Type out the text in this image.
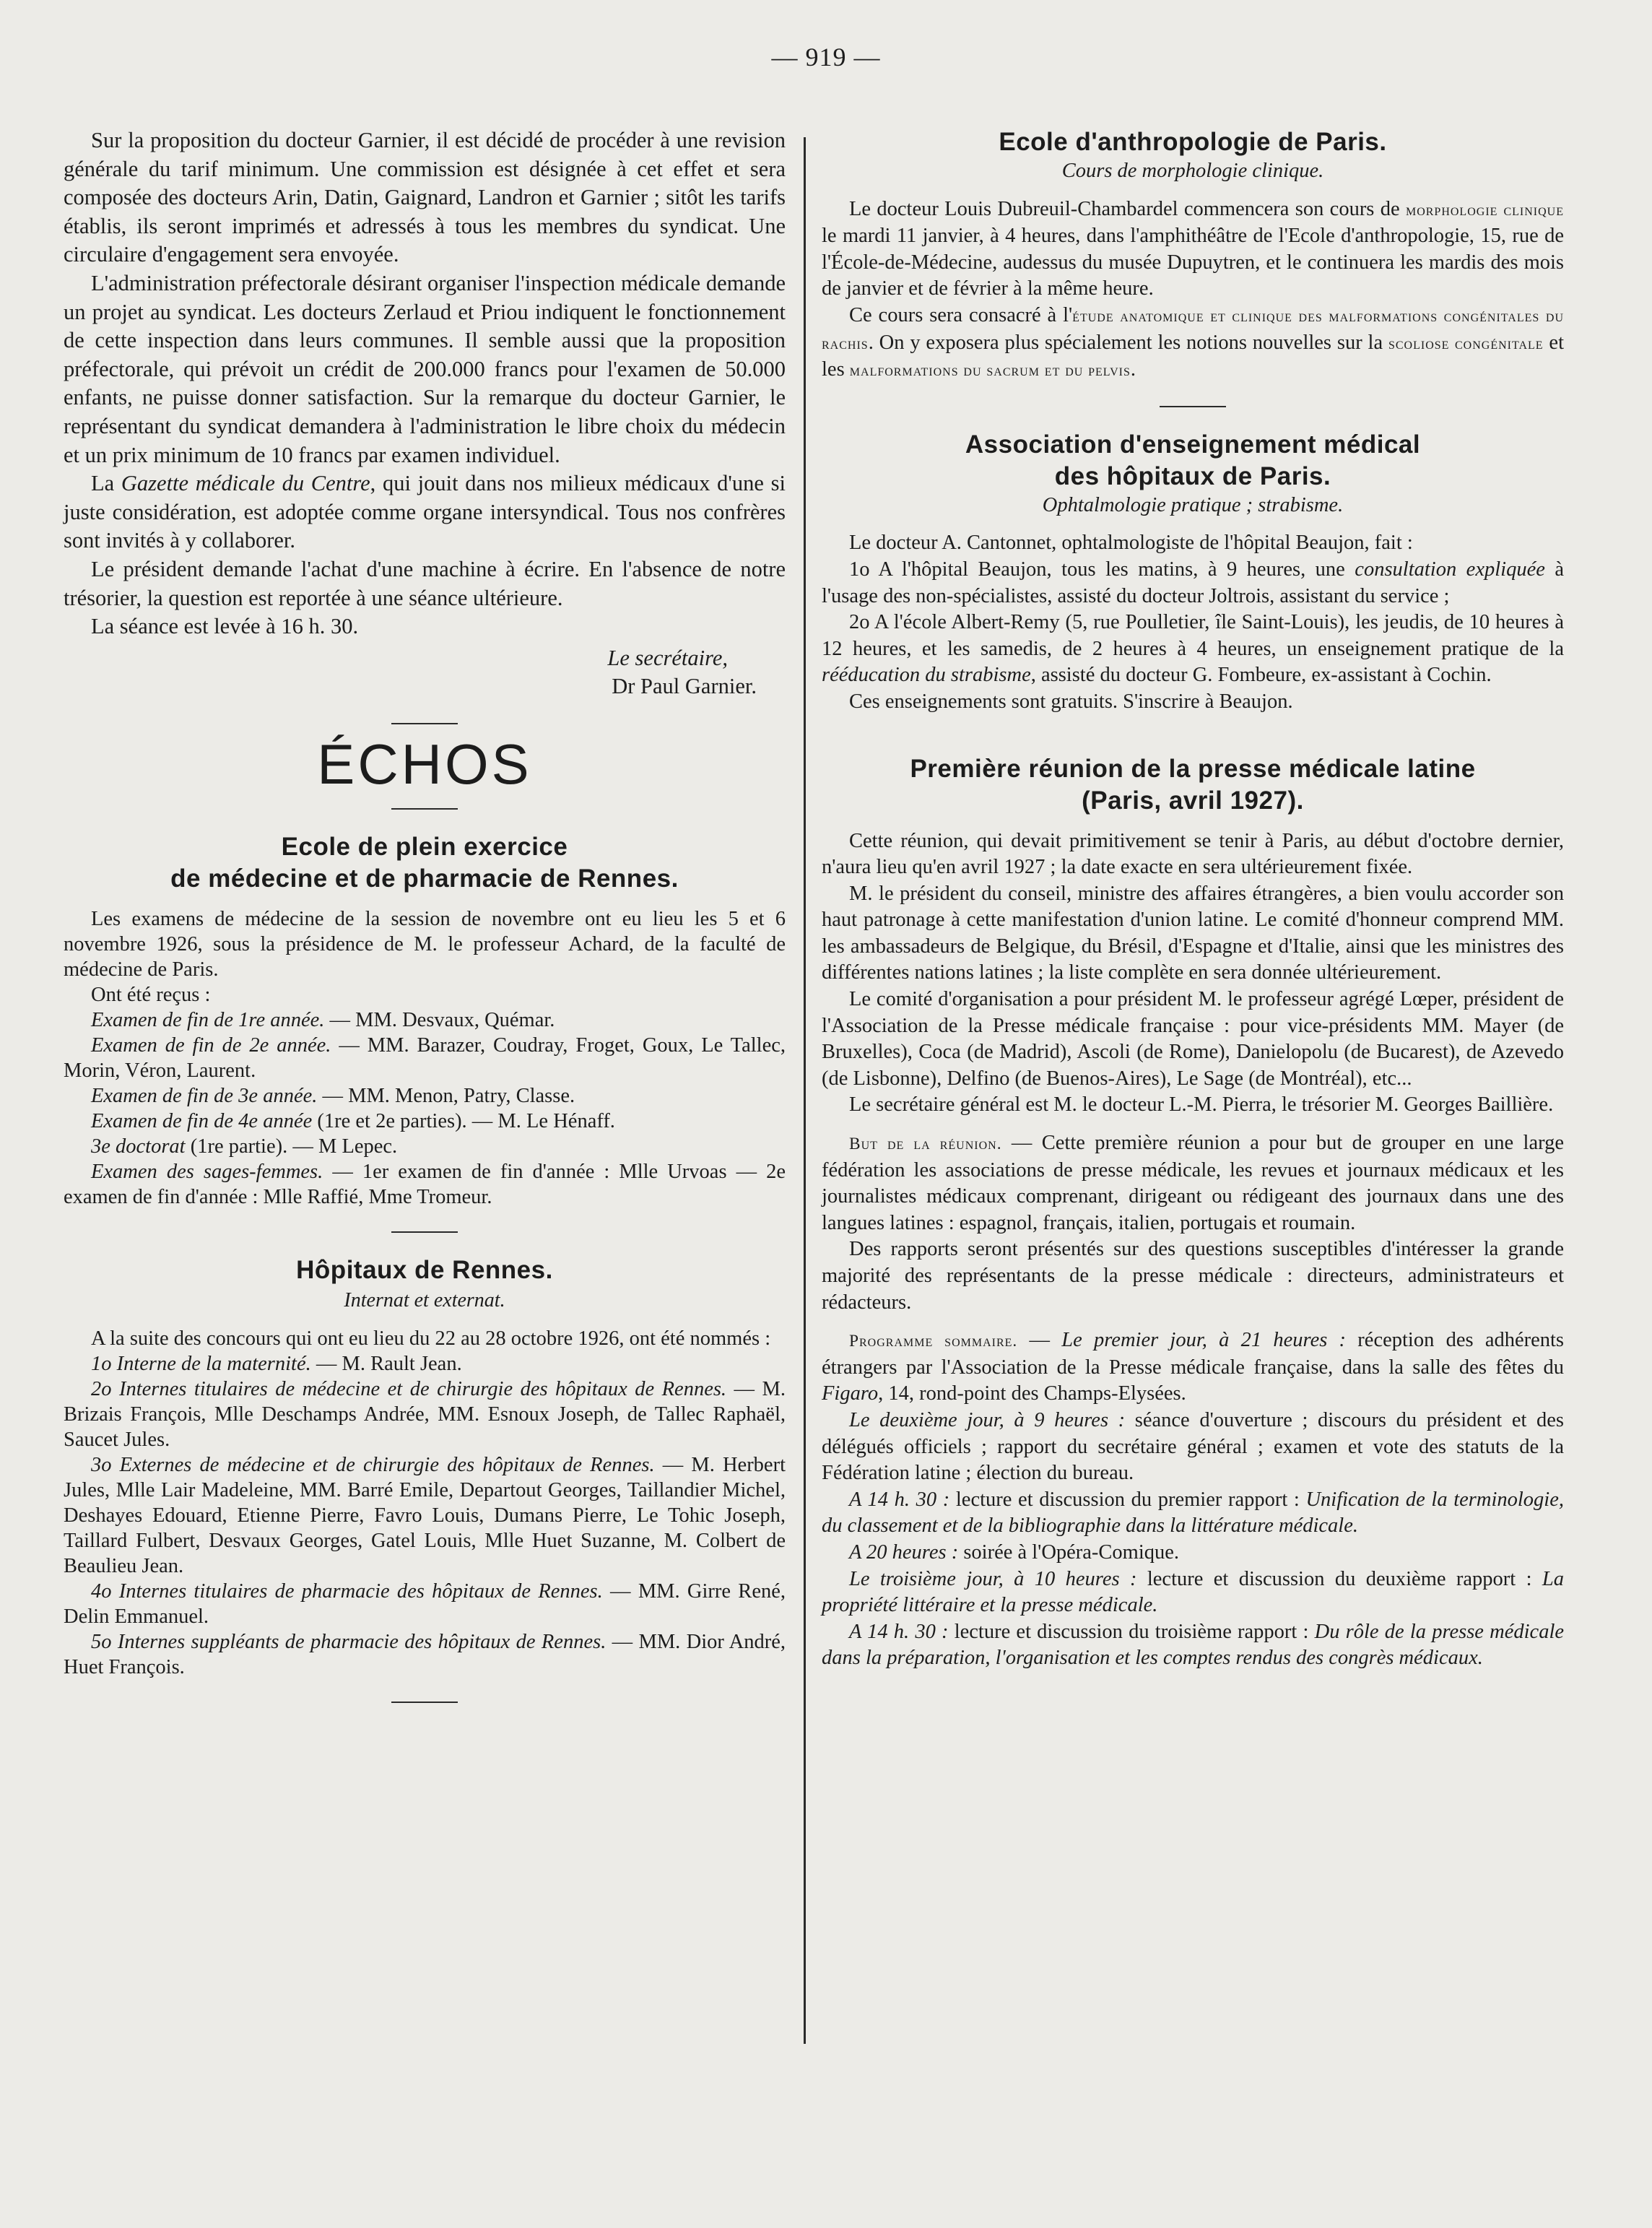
— 919 —

Sur la proposition du docteur Garnier, il est décidé de procéder à une revision générale du tarif minimum. Une commission est désignée à cet effet et sera composée des docteurs Arin, Datin, Gaignard, Landron et Garnier ; sitôt les tarifs établis, ils seront imprimés et adressés à tous les membres du syndicat. Une circulaire d'engagement sera envoyée.

L'administration préfectorale désirant organiser l'inspection médicale demande un projet au syndicat. Les docteurs Zerlaud et Priou indiquent le fonctionnement de cette inspection dans leurs communes. Il semble aussi que la proposition préfectorale, qui prévoit un crédit de 200.000 francs pour l'examen de 50.000 enfants, ne puisse donner satisfaction. Sur la remarque du docteur Garnier, le représentant du syndicat demandera à l'administration le libre choix du médecin et un prix minimum de 10 francs par examen individuel.

La Gazette médicale du Centre, qui jouit dans nos milieux médicaux d'une si juste considération, est adoptée comme organe intersyndical. Tous nos confrères sont invités à y collaborer.

Le président demande l'achat d'une machine à écrire. En l'absence de notre trésorier, la question est reportée à une séance ultérieure.

La séance est levée à 16 h. 30.

Le secrétaire,

Dr Paul Garnier.

ÉCHOS
Ecole de plein exercice
de médecine et de pharmacie de Rennes.

Les examens de médecine de la session de novembre ont eu lieu les 5 et 6 novembre 1926, sous la présidence de M. le professeur Achard, de la faculté de médecine de Paris.

Ont été reçus :

Examen de fin de 1re année. — MM. Desvaux, Quémar.

Examen de fin de 2e année. — MM. Barazer, Coudray, Froget, Goux, Le Tallec, Morin, Véron, Laurent.

Examen de fin de 3e année. — MM. Menon, Patry, Classe.

Examen de fin de 4e année (1re et 2e parties). — M. Le Hénaff.

3e doctorat (1re partie). — M Lepec.

Examen des sages-femmes. — 1er examen de fin d'année : Mlle Urvoas — 2e examen de fin d'année : Mlle Raffié, Mme Tromeur.

Hôpitaux de Rennes.

Internat et externat.

A la suite des concours qui ont eu lieu du 22 au 28 octobre 1926, ont été nommés :

1o Interne de la maternité. — M. Rault Jean.

2o Internes titulaires de médecine et de chirurgie des hôpitaux de Rennes. — M. Brizais François, Mlle Deschamps Andrée, MM. Esnoux Joseph, de Tallec Raphaël, Saucet Jules.

3o Externes de médecine et de chirurgie des hôpitaux de Rennes. — M. Herbert Jules, Mlle Lair Madeleine, MM. Barré Emile, Departout Georges, Taillandier Michel, Deshayes Edouard, Etienne Pierre, Favro Louis, Dumans Pierre, Le Tohic Joseph, Taillard Fulbert, Desvaux Georges, Gatel Louis, Mlle Huet Suzanne, M. Colbert de Beaulieu Jean.

4o Internes titulaires de pharmacie des hôpitaux de Rennes. — MM. Girre René, Delin Emmanuel.

5o Internes suppléants de pharmacie des hôpitaux de Rennes. — MM. Dior André, Huet François.

Ecole d'anthropologie de Paris.

Cours de morphologie clinique.

Le docteur Louis Dubreuil-Chambardel commencera son cours de morphologie clinique le mardi 11 janvier, à 4 heures, dans l'amphithéâtre de l'Ecole d'anthropologie, 15, rue de l'École-de-Médecine, audessus du musée Dupuytren, et le continuera les mardis des mois de janvier et de février à la même heure.

Ce cours sera consacré à l'étude anatomique et clinique des malformations congénitales du rachis. On y exposera plus spécialement les notions nouvelles sur la scoliose congénitale et les malformations du sacrum et du pelvis.

Association d'enseignement médical
des hôpitaux de Paris.

Ophtalmologie pratique ; strabisme.

Le docteur A. Cantonnet, ophtalmologiste de l'hôpital Beaujon, fait :

1o A l'hôpital Beaujon, tous les matins, à 9 heures, une consultation expliquée à l'usage des non-spécialistes, assisté du docteur Joltrois, assistant du service ;

2o A l'école Albert-Remy (5, rue Poulletier, île Saint-Louis), les jeudis, de 10 heures à 12 heures, et les samedis, de 2 heures à 4 heures, un enseignement pratique de la rééducation du strabisme, assisté du docteur G. Fombeure, ex-assistant à Cochin.

Ces enseignements sont gratuits. S'inscrire à Beaujon.

Première réunion de la presse médicale latine
(Paris, avril 1927).

Cette réunion, qui devait primitivement se tenir à Paris, au début d'octobre dernier, n'aura lieu qu'en avril 1927 ; la date exacte en sera ultérieurement fixée.

M. le président du conseil, ministre des affaires étrangères, a bien voulu accorder son haut patronage à cette manifestation d'union latine. Le comité d'honneur comprend MM. les ambassadeurs de Belgique, du Brésil, d'Espagne et d'Italie, ainsi que les ministres des différentes nations latines ; la liste complète en sera donnée ultérieurement.

Le comité d'organisation a pour président M. le professeur agrégé Lœper, président de l'Association de la Presse médicale française : pour vice-présidents MM. Mayer (de Bruxelles), Coca (de Madrid), Ascoli (de Rome), Danielopolu (de Bucarest), de Azevedo (de Lisbonne), Delfino (de Buenos-Aires), Le Sage (de Montréal), etc...

Le secrétaire général est M. le docteur L.-M. Pierra, le trésorier M. Georges Baillière.

But de la réunion. — Cette première réunion a pour but de grouper en une large fédération les associations de presse médicale, les revues et journaux médicaux et les journalistes médicaux comprenant, dirigeant ou rédigeant des journaux dans une des langues latines : espagnol, français, italien, portugais et roumain.

Des rapports seront présentés sur des questions susceptibles d'intéresser la grande majorité des représentants de la presse médicale : directeurs, administrateurs et rédacteurs.

Programme sommaire. — Le premier jour, à 21 heures : réception des adhérents étrangers par l'Association de la Presse médicale française, dans la salle des fêtes du Figaro, 14, rond-point des Champs-Elysées.

Le deuxième jour, à 9 heures : séance d'ouverture ; discours du président et des délégués officiels ; rapport du secrétaire général ; examen et vote des statuts de la Fédération latine ; élection du bureau.

A 14 h. 30 : lecture et discussion du premier rapport : Unification de la terminologie, du classement et de la bibliographie dans la littérature médicale.

A 20 heures : soirée à l'Opéra-Comique.

Le troisième jour, à 10 heures : lecture et discussion du deuxième rapport : La propriété littéraire et la presse médicale.

A 14 h. 30 : lecture et discussion du troisième rapport : Du rôle de la presse médicale dans la préparation, l'organisation et les comptes rendus des congrès médicaux.
